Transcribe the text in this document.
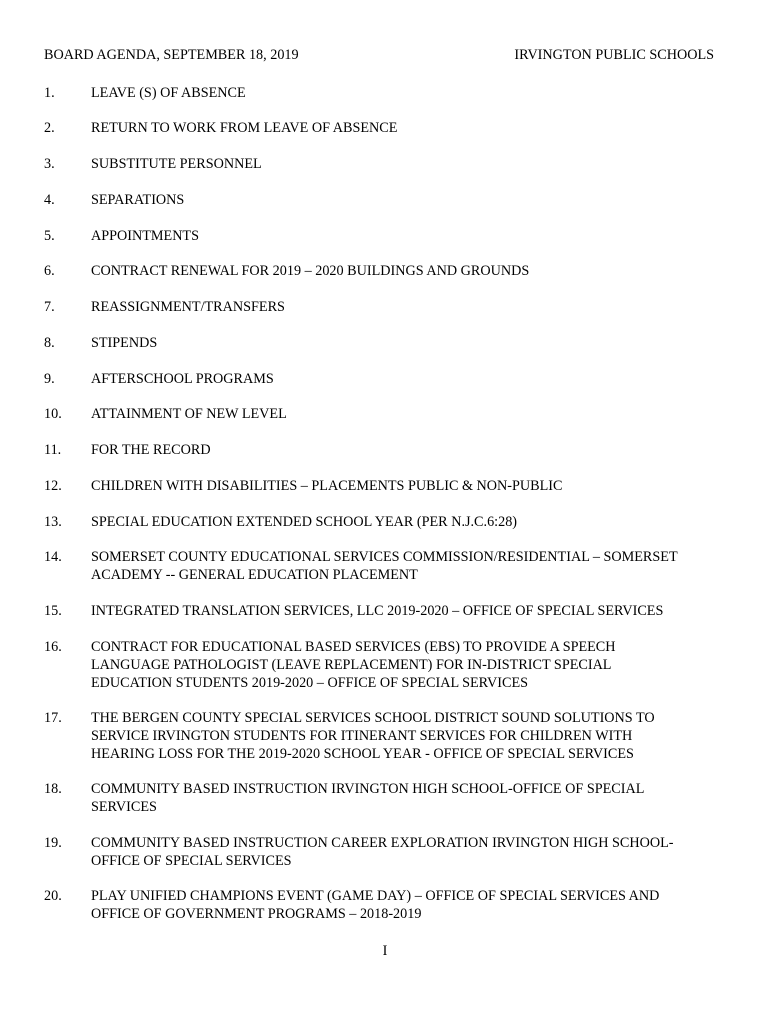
BOARD AGENDA, SEPTEMBER 18, 2019	IRVINGTON PUBLIC SCHOOLS
1.	LEAVE (S) OF ABSENCE
2.	RETURN TO WORK FROM LEAVE OF ABSENCE
3.	SUBSTITUTE PERSONNEL
4.	SEPARATIONS
5.	APPOINTMENTS
6.	CONTRACT RENEWAL FOR 2019 – 2020 BUILDINGS AND GROUNDS
7.	REASSIGNMENT/TRANSFERS
8.	STIPENDS
9.	AFTERSCHOOL PROGRAMS
10. ATTAINMENT OF NEW LEVEL
11. FOR THE RECORD
12. CHILDREN WITH DISABILITIES – PLACEMENTS PUBLIC & NON-PUBLIC
13. SPECIAL EDUCATION EXTENDED SCHOOL YEAR (PER N.J.C.6:28)
14. SOMERSET COUNTY EDUCATIONAL SERVICES COMMISSION/RESIDENTIAL – SOMERSET
ACADEMY -- GENERAL EDUCATION PLACEMENT
15. INTEGRATED TRANSLATION SERVICES, LLC 2019-2020 – OFFICE OF SPECIAL SERVICES
16. CONTRACT FOR EDUCATIONAL BASED SERVICES (EBS) TO PROVIDE A SPEECH
LANGUAGE PATHOLOGIST (LEAVE REPLACEMENT) FOR IN-DISTRICT SPECIAL
EDUCATION STUDENTS 2019-2020 – OFFICE OF SPECIAL SERVICES
17. THE BERGEN COUNTY SPECIAL SERVICES SCHOOL DISTRICT SOUND SOLUTIONS TO
SERVICE IRVINGTON STUDENTS FOR ITINERANT SERVICES FOR CHILDREN WITH
HEARING LOSS FOR THE 2019-2020 SCHOOL YEAR - OFFICE OF SPECIAL SERVICES
18. COMMUNITY BASED INSTRUCTION IRVINGTON HIGH SCHOOL-OFFICE OF SPECIAL
SERVICES
19. COMMUNITY BASED INSTRUCTION CAREER EXPLORATION IRVINGTON HIGH SCHOOL-
OFFICE OF SPECIAL SERVICES
20. PLAY UNIFIED CHAMPIONS EVENT (GAME DAY) – OFFICE OF SPECIAL SERVICES AND
OFFICE OF GOVERNMENT PROGRAMS – 2018-2019
I
